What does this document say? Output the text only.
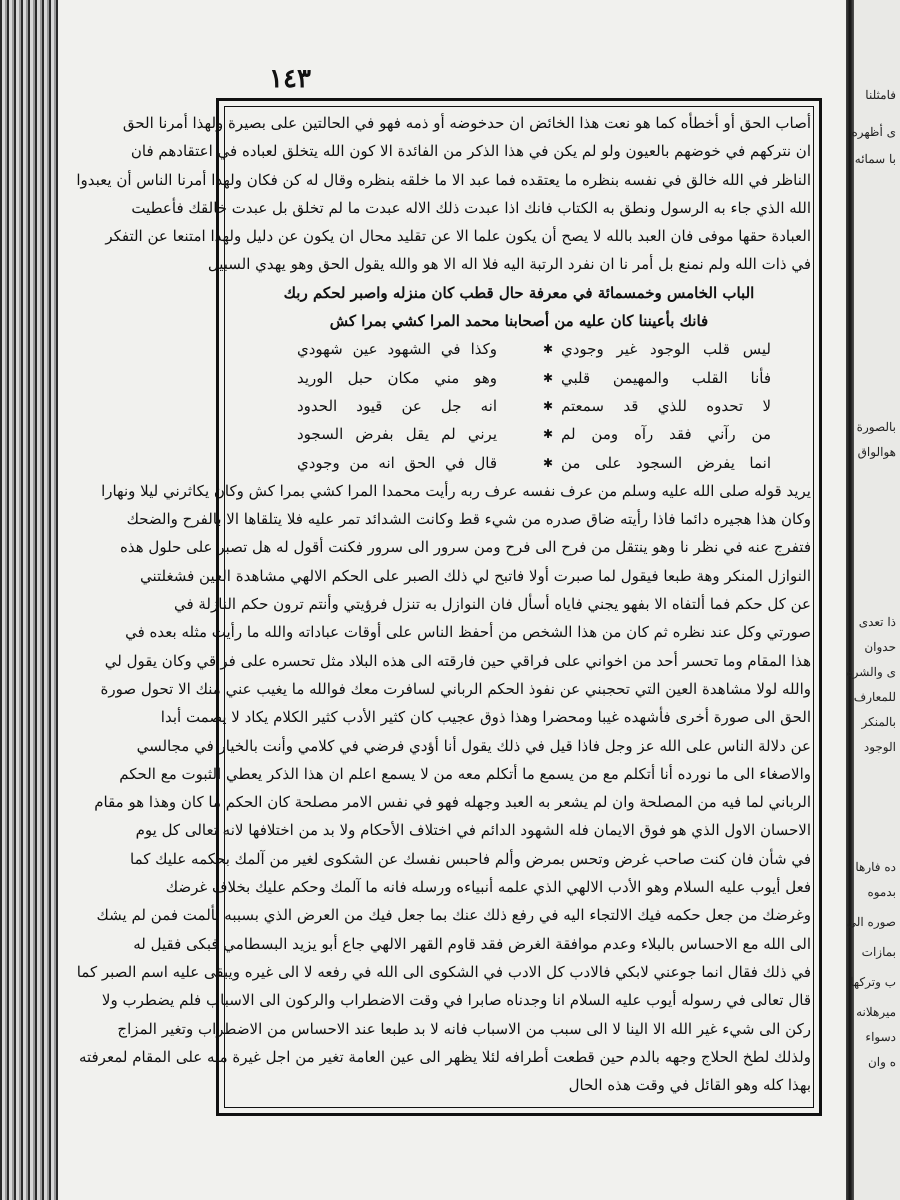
فامثلنا
ى أظهره
با سمائه
بالصورة
هوالواق
ذا تعدى
حدوان
ى والشره
للمعارف
بالمنكر
الوجود
ده فارها
بدموه
صوره الى
بمازات
ب وترکها
ميرهلانه
دسواء
ه وان
١٤٣
أصاب الحق أو أخطأه كما هو نعت هذا الخائض ان حدخوضه أو ذمه فهو في الحالتين على بصيرة ولهذا أمرنا الحق
ان نتركهم في خوضهم بالعيون ولو لم يكن في هذا الذكر من الفائدة الا كون الله يتخلق لعباده في اعتقادهم فان
الناظر في الله خالق في نفسه بنظره ما يعتقده فما عبد الا ما خلقه بنظره وقال له كن فكان ولهذا أمرنا الناس أن يعبدوا
الله الذي جاء به الرسول ونطق به الكتاب فانك اذا عبدت ذلك الاله عبدت ما لم تخلق بل عبدت خالقك فأعطيت
العبادة حقها موفى فان العبد بالله لا يصح أن يكون علما الا عن تقليد محال ان يكون عن دليل ولهذا امتنعا عن التفكر
في ذات الله ولم نمنع بل أمر نا ان نفرد الرتبة اليه فلا اله الا هو والله يقول الحق وهو يهدي السبيل
الباب الخامس وخمسمائة في معرفة حال قطب كان منزله واصبر لحكم ربك
فانك بأعيننا كان عليه من أصحابنا محمد المرا كشي بمرا كش
ليس قلب الوجود غير وجودي
✱
وكذا في الشهود عين شهودي
فأنا القلب والمهيمن قلبي
✱
وهو مني مكان حبل الوريد
لا تحدوه للذي قد سمعتم
✱
انه جل عن قيود الحدود
من رآني فقد رآه ومن لم
✱
يرني لم يقل بفرض السجود
انما يفرض السجود على من
✱
قال في الحق انه من وجودي
يريد قوله صلى الله عليه وسلم من عرف نفسه عرف ربه رأيت محمدا المرا كشي بمرا كش وكان يكاثرني ليلا ونهارا
وكان هذا هجيره دائما فاذا رأيته ضاق صدره من شيء قط وكانت الشدائد تمر عليه فلا يتلقاها الا بالفرح والضحك
فتفرج عنه في نظر نا وهو ينتقل من فرح الى فرح ومن سرور الى سرور فكنت أقول له هل تصبر على حلول هذه
النوازل المنكر وهة طبعا فيقول لما صبرت أولا فاتبح لي ذلك الصبر على الحكم الالهي مشاهدة العين فشغلتني
عن كل حكم فما ألتفاه الا بفهو يجني فاياه أسأل فان النوازل به تنزل فرؤيتي وأنتم ترون حكم النازلة في
صورتي وكل عند نظره ثم كان من هذا الشخص من أحفظ الناس على أوقات عباداته والله ما رأيت مثله بعده في
هذا المقام وما تحسر أحد من اخواني على فراقي حين فارقته الى هذه البلاد مثل تحسره على فراقي وكان يقول لي
والله لولا مشاهدة العين التي تحجبني عن نفوذ الحكم الرباني لسافرت معك فوالله ما يغيب عني منك الا تحول صورة
الحق الى صورة أخرى فأشهده غيبا ومحضرا وهذا ذوق عجيب كان كثير الأدب كثير الكلام يكاد لا يصمت أبدا
عن دلالة الناس على الله عز وجل فاذا قيل في ذلك يقول أنا أؤدي فرضي في كلامي وأنت بالخيار في مجالسي
والاصغاء الى ما نورده أنا أتكلم مع من يسمع ما أتكلم معه من لا يسمع اعلم ان هذا الذكر يعطي الثبوت مع الحكم
الرباني لما فيه من المصلحة وان لم يشعر به العبد وجهله فهو في نفس الامر مصلحة كان الحكم ما كان وهذا هو مقام
الاحسان الاول الذي هو فوق الايمان فله الشهود الدائم في اختلاف الأحكام ولا بد من اختلافها لانه تعالى كل يوم
في شأن فان كنت صاحب غرض وتحس بمرض وألم فاحبس نفسك عن الشكوى لغير من آلمك بحكمه عليك كما
فعل أيوب عليه السلام وهو الأدب الالهي الذي علمه أنبياءه ورسله فانه ما آلمك وحكم عليك بخلاف غرضك
وغرضك من جعل حكمه فيك الالتجاء اليه في رفع ذلك عنك بما جعل فيك من العرض الذي بسببه تألمت فمن لم يشك
الى الله مع الاحساس بالبلاء وعدم موافقة الغرض فقد قاوم القهر الالهي جاع أبو يزيد البسطامي فبكى فقيل له
في ذلك فقال انما جوعني لابكي فالادب كل الادب في الشكوى الى الله في رفعه لا الى غيره ويبقى عليه اسم الصبر كما
قال تعالى في رسوله أيوب عليه السلام انا وجدناه صابرا في وقت الاضطراب والركون الى الاسباب فلم يضطرب ولا
ركن الى شيء غير الله الا الينا لا الى سبب من الاسباب فانه لا بد طبعا عند الاحساس من الاضطراب وتغير المزاج
ولذلك لطخ الحلاج وجهه بالدم حين قطعت أطرافه لئلا يظهر الى عين العامة تغير من اجل غيرة منه على المقام لمعرفته
بهذا كله وهو القائل في وقت هذه الحال
